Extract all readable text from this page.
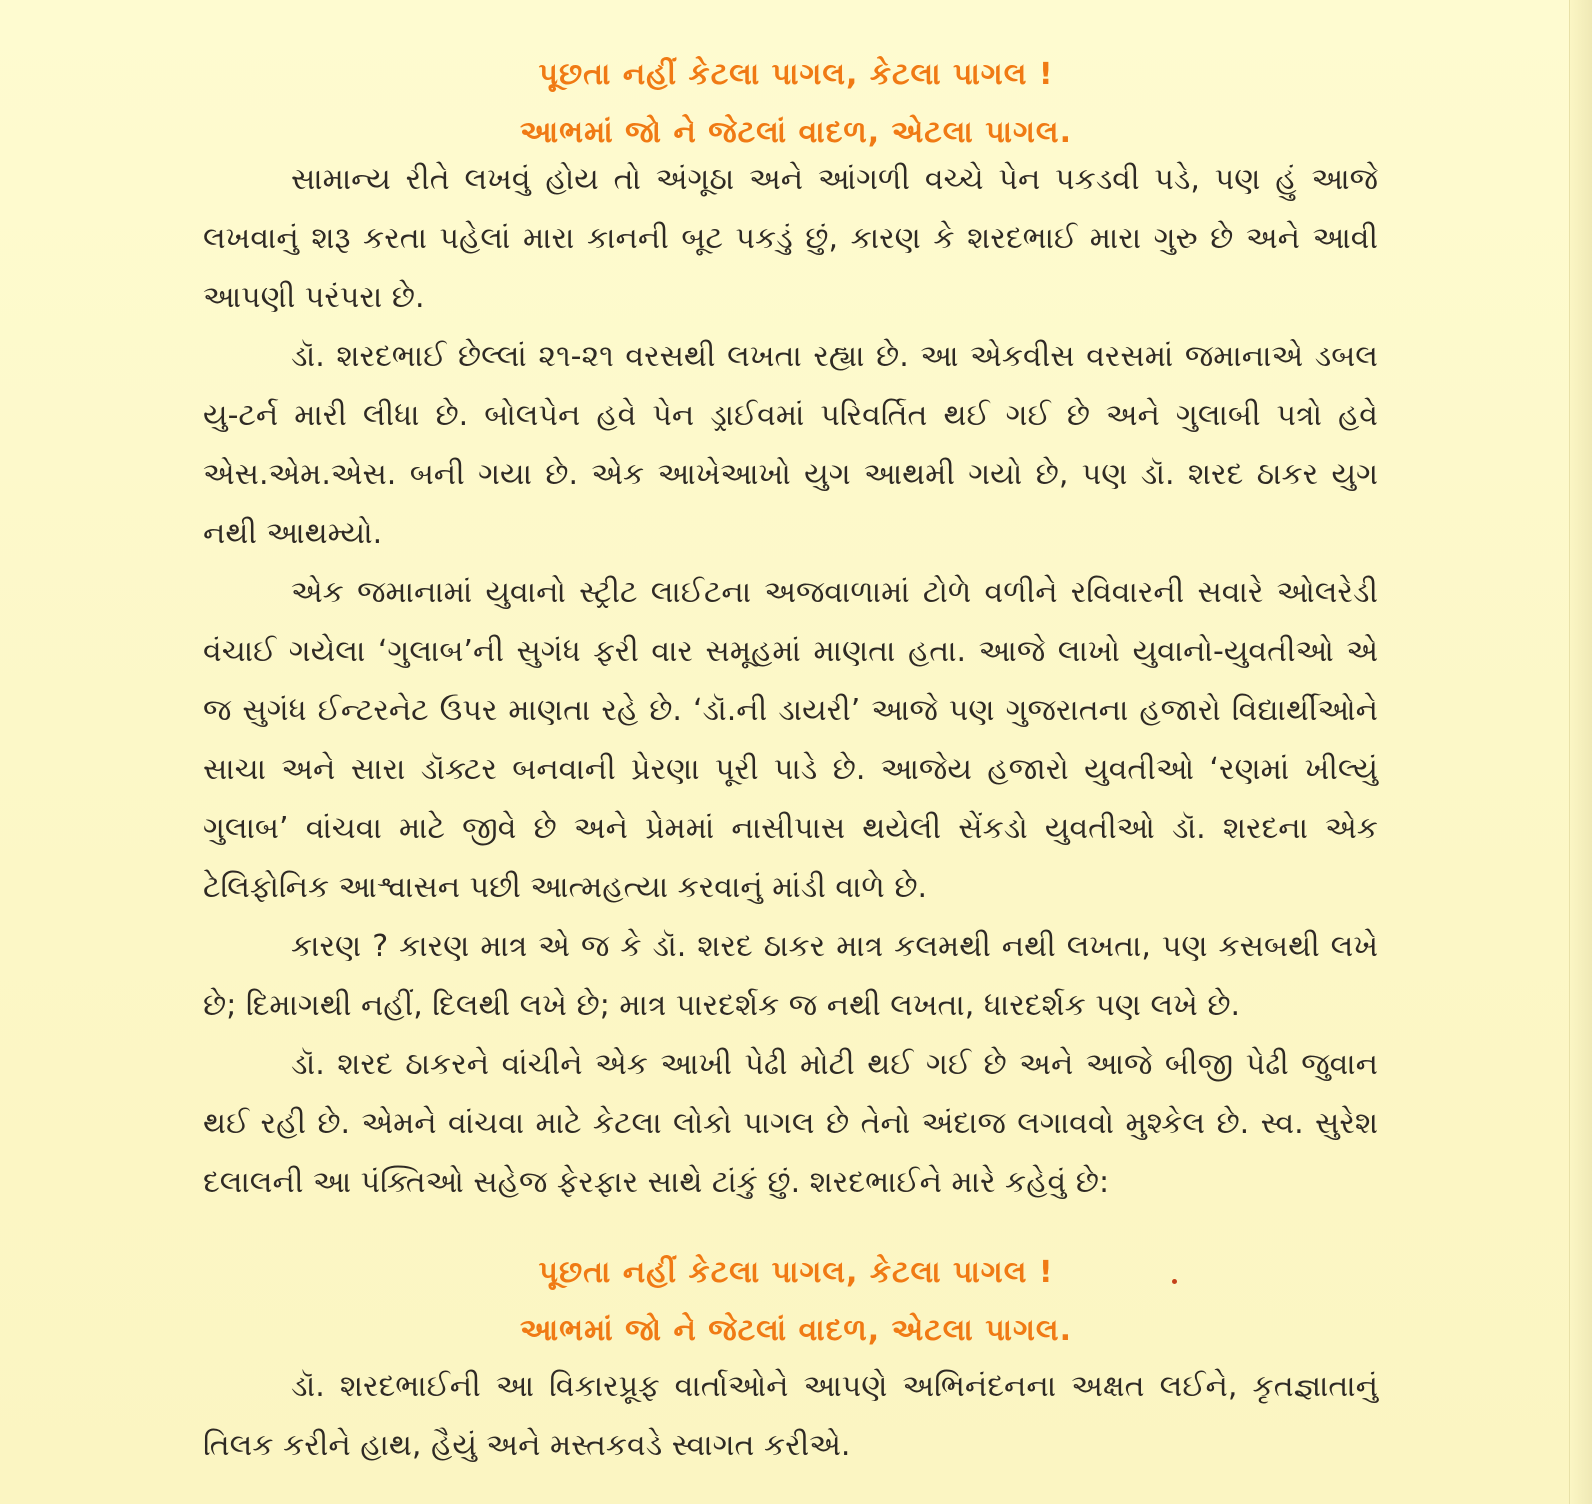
પૂછતા નહીં કેટલા પાગલ, કેટલા પાગલ !
આભમાં જો ને જેટલાં વાદળ, એટલા પાગલ.

સામાન્ય રીતે લખવું હોય તો અંગૂઠા અને આંગળી વચ્ચે પેન પકડવી પડે, પણ હું આજે લખવાનું શરૂ કરતા પહેલાં મારા કાનની બૂટ પકડું છું, કારણ કે શરદભાઈ મારા ગુરુ છે અને આવી આપણી પરંપરા છે.

ડૉ. શરદભાઈ છેલ્લાં ૨૧-૨૧ વરસથી લખતા રહ્યા છે. આ એકવીસ વરસમાં જમાનાએ ડબલ યુ-ટર્ન મારી લીધા છે. બોલપેન હવે પેન ડ્રાઈવમાં પરિવર્તિત થઈ ગઈ છે અને ગુલાબી પત્રો હવે એસ.એમ.એસ. બની ગયા છે. એક આખેઆખો યુગ આથમી ગયો છે, પણ ડૉ. શરદ ઠાકર યુગ નથી આથમ્યો.

એક જમાનામાં યુવાનો સ્ટ્રીટ લાઈટના અજવાળામાં ટોળે વળીને રવિવારની સવારે ઓલરેડી વંચાઈ ગયેલા ‘ગુલાબ’ની સુગંધ ફરી વાર સમૂહમાં માણતા હતા. આજે લાખો યુવાનો-યુવતીઓ એ જ સુગંધ ઈન્ટરનેટ ઉપર માણતા રહે છે. ‘ડૉ.ની ડાયરી’ આજે પણ ગુજરાતના હજારો વિદ્યાર્થીઓને સાચા અને સારા ડૉક્ટર બનવાની પ્રેરણા પૂરી પાડે છે. આજેય હજારો યુવતીઓ ‘રણમાં ખીલ્યું ગુલાબ’ વાંચવા માટે જીવે છે અને પ્રેમમાં નાસીપાસ થયેલી સેંકડો યુવતીઓ ડૉ. શરદના એક ટેલિફોનિક આશ્વાસન પછી આત્મહત્યા કરવાનું માંડી વાળે છે.

કારણ ? કારણ માત્ર એ જ કે ડૉ. શરદ ઠાકર માત્ર કલમથી નથી લખતા, પણ કસબથી લખે છે; દિમાગથી નહીં, દિલથી લખે છે; માત્ર પારદર્શક જ નથી લખતા, ધારદર્શક પણ લખે છે.

ડૉ. શરદ ઠાકરને વાંચીને એક આખી પેઢી મોટી થઈ ગઈ છે અને આજે બીજી પેઢી જુવાન થઈ રહી છે. એમને વાંચવા માટે કેટલા લોકો પાગલ છે તેનો અંદાજ લગાવવો મુશ્કેલ છે. સ્વ. સુરેશ દલાલની આ પંક્તિઓ સહેજ ફેરફાર સાથે ટાંકું છું. શરદભાઈને મારે કહેવું છે:

પૂછતા નહીં કેટલા પાગલ, કેટલા પાગલ !
આભમાં જો ને જેટલાં વાદળ, એટલા પાગલ.

ડૉ. શરદભાઈની આ વિકારપ્રૂફ વાર્તાઓને આપણે અભિનંદનના અક્ષત લઈને, કૃતજ્ઞાતાનું તિલક કરીને હાથ, હૈયું અને મસ્તકવડે સ્વાગત કરીએ.
